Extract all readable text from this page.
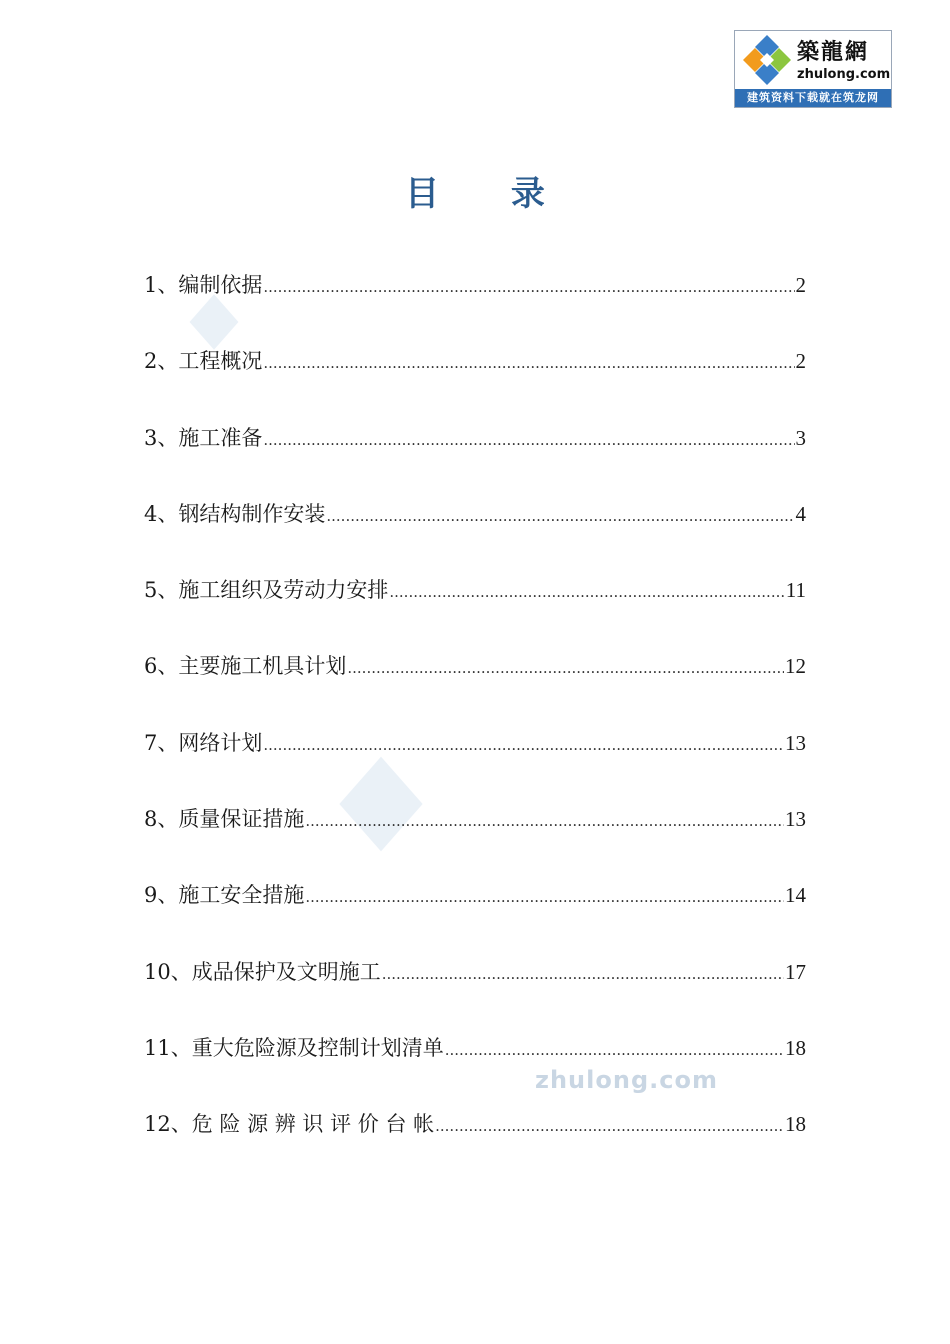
築龍網
zhulong.com
建筑资料下载就在筑龙网
zhulong.com
目 录
1、编制依据 .....	2
2、工程概况 .....	2
3、施工准备 .....	3
4、钢结构制作安装 .....	4
5、施工组织及劳动力安排 .....	11
6、主要施工机具计划 .....	12
7、网络计划 .....	13
8、质量保证措施 .....	13
9、施工安全措施 .....	14
10、成品保护及文明施工 .....	17
11、重大危险源及控制计划清单 .....	18
12、危 险 源 辨 识 评 价 台 帐 .....	18
